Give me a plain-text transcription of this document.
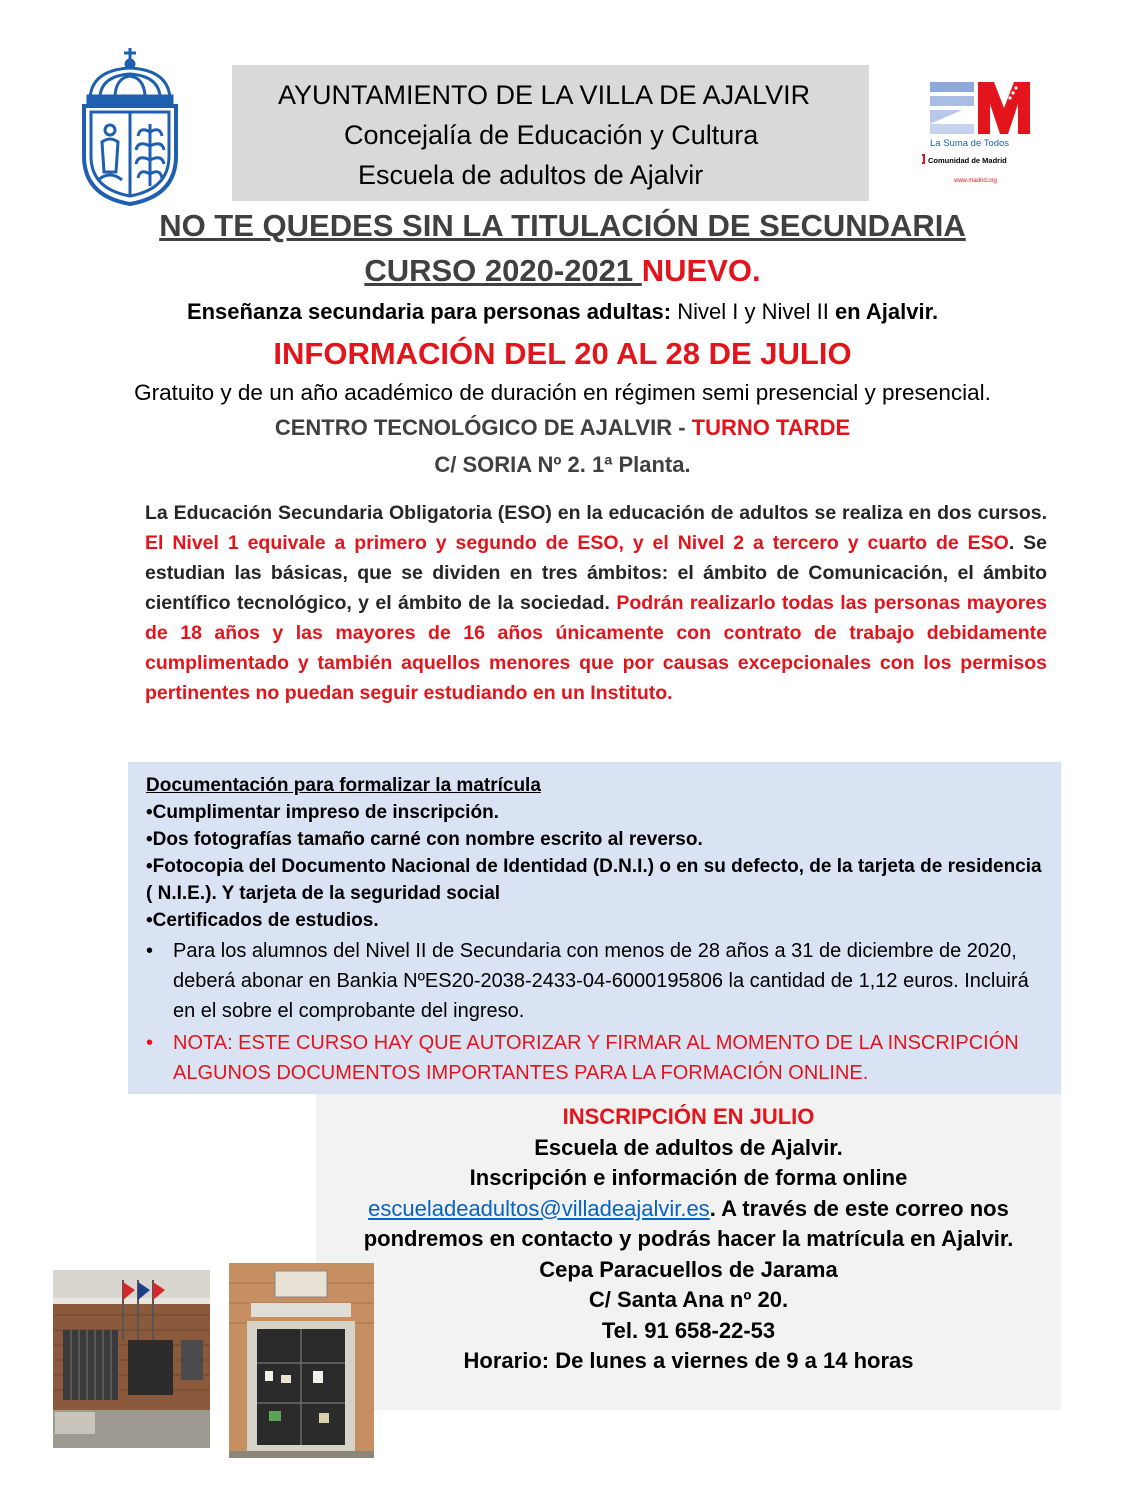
AYUNTAMIENTO DE LA VILLA DE AJALVIR
Concejalía de Educación y Cultura
Escuela de adultos de Ajalvir
La Suma de Todos
Comunidad de Madrid
www.madrid.org
NO TE QUEDES SIN LA TITULACIÓN DE SECUNDARIA
CURSO 2020-2021 NUEVO.
Enseñanza secundaria para personas adultas: Nivel I y Nivel II en Ajalvir.
INFORMACIÓN DEL 20 AL 28 DE JULIO
Gratuito y de un año académico de duración en régimen semi presencial y presencial.
CENTRO TECNOLÓGICO DE AJALVIR - TURNO TARDE
C/ SORIA Nº 2. 1ª Planta.
La Educación Secundaria Obligatoria (ESO) en la educación de adultos se realiza en dos cursos. El Nivel 1 equivale a primero y segundo de ESO, y el Nivel 2 a tercero y cuarto de ESO. Se estudian las básicas, que se dividen en tres ámbitos: el ámbito de Comunicación, el ámbito científico tecnológico, y el ámbito de la sociedad. Podrán realizarlo todas las personas mayores de 18 años y las mayores de 16 años únicamente con contrato de trabajo debidamente cumplimentado y también aquellos menores que por causas excepcionales con los permisos pertinentes no puedan seguir estudiando en un Instituto.
Documentación para formalizar la matrícula
•Cumplimentar impreso de inscripción.
•Dos fotografías tamaño carné con nombre escrito al reverso.
•Fotocopia del Documento Nacional de Identidad (D.N.I.) o en su defecto, de la tarjeta de residencia ( N.I.E.). Y tarjeta de la seguridad social
•Certificados de estudios.
• Para los alumnos del Nivel II de Secundaria con menos de 28 años a 31 de diciembre de 2020, deberá abonar en Bankia NºES20-2038-2433-04-6000195806 la cantidad de 1,12 euros. Incluirá en el sobre el comprobante del ingreso.
• NOTA: ESTE CURSO HAY QUE AUTORIZAR Y FIRMAR AL MOMENTO DE LA INSCRIPCIÓN ALGUNOS DOCUMENTOS IMPORTANTES PARA LA FORMACIÓN ONLINE.
INSCRIPCIÓN EN JULIO
Escuela de adultos de Ajalvir.
Inscripción e información de forma online
escueladeadultos@villadeajalvir.es. A través de este correo nos pondremos en contacto y podrás hacer la matrícula en Ajalvir.
Cepa Paracuellos de Jarama
C/ Santa Ana nº 20.
Tel. 91 658-22-53
Horario: De lunes a viernes de 9 a 14 horas
